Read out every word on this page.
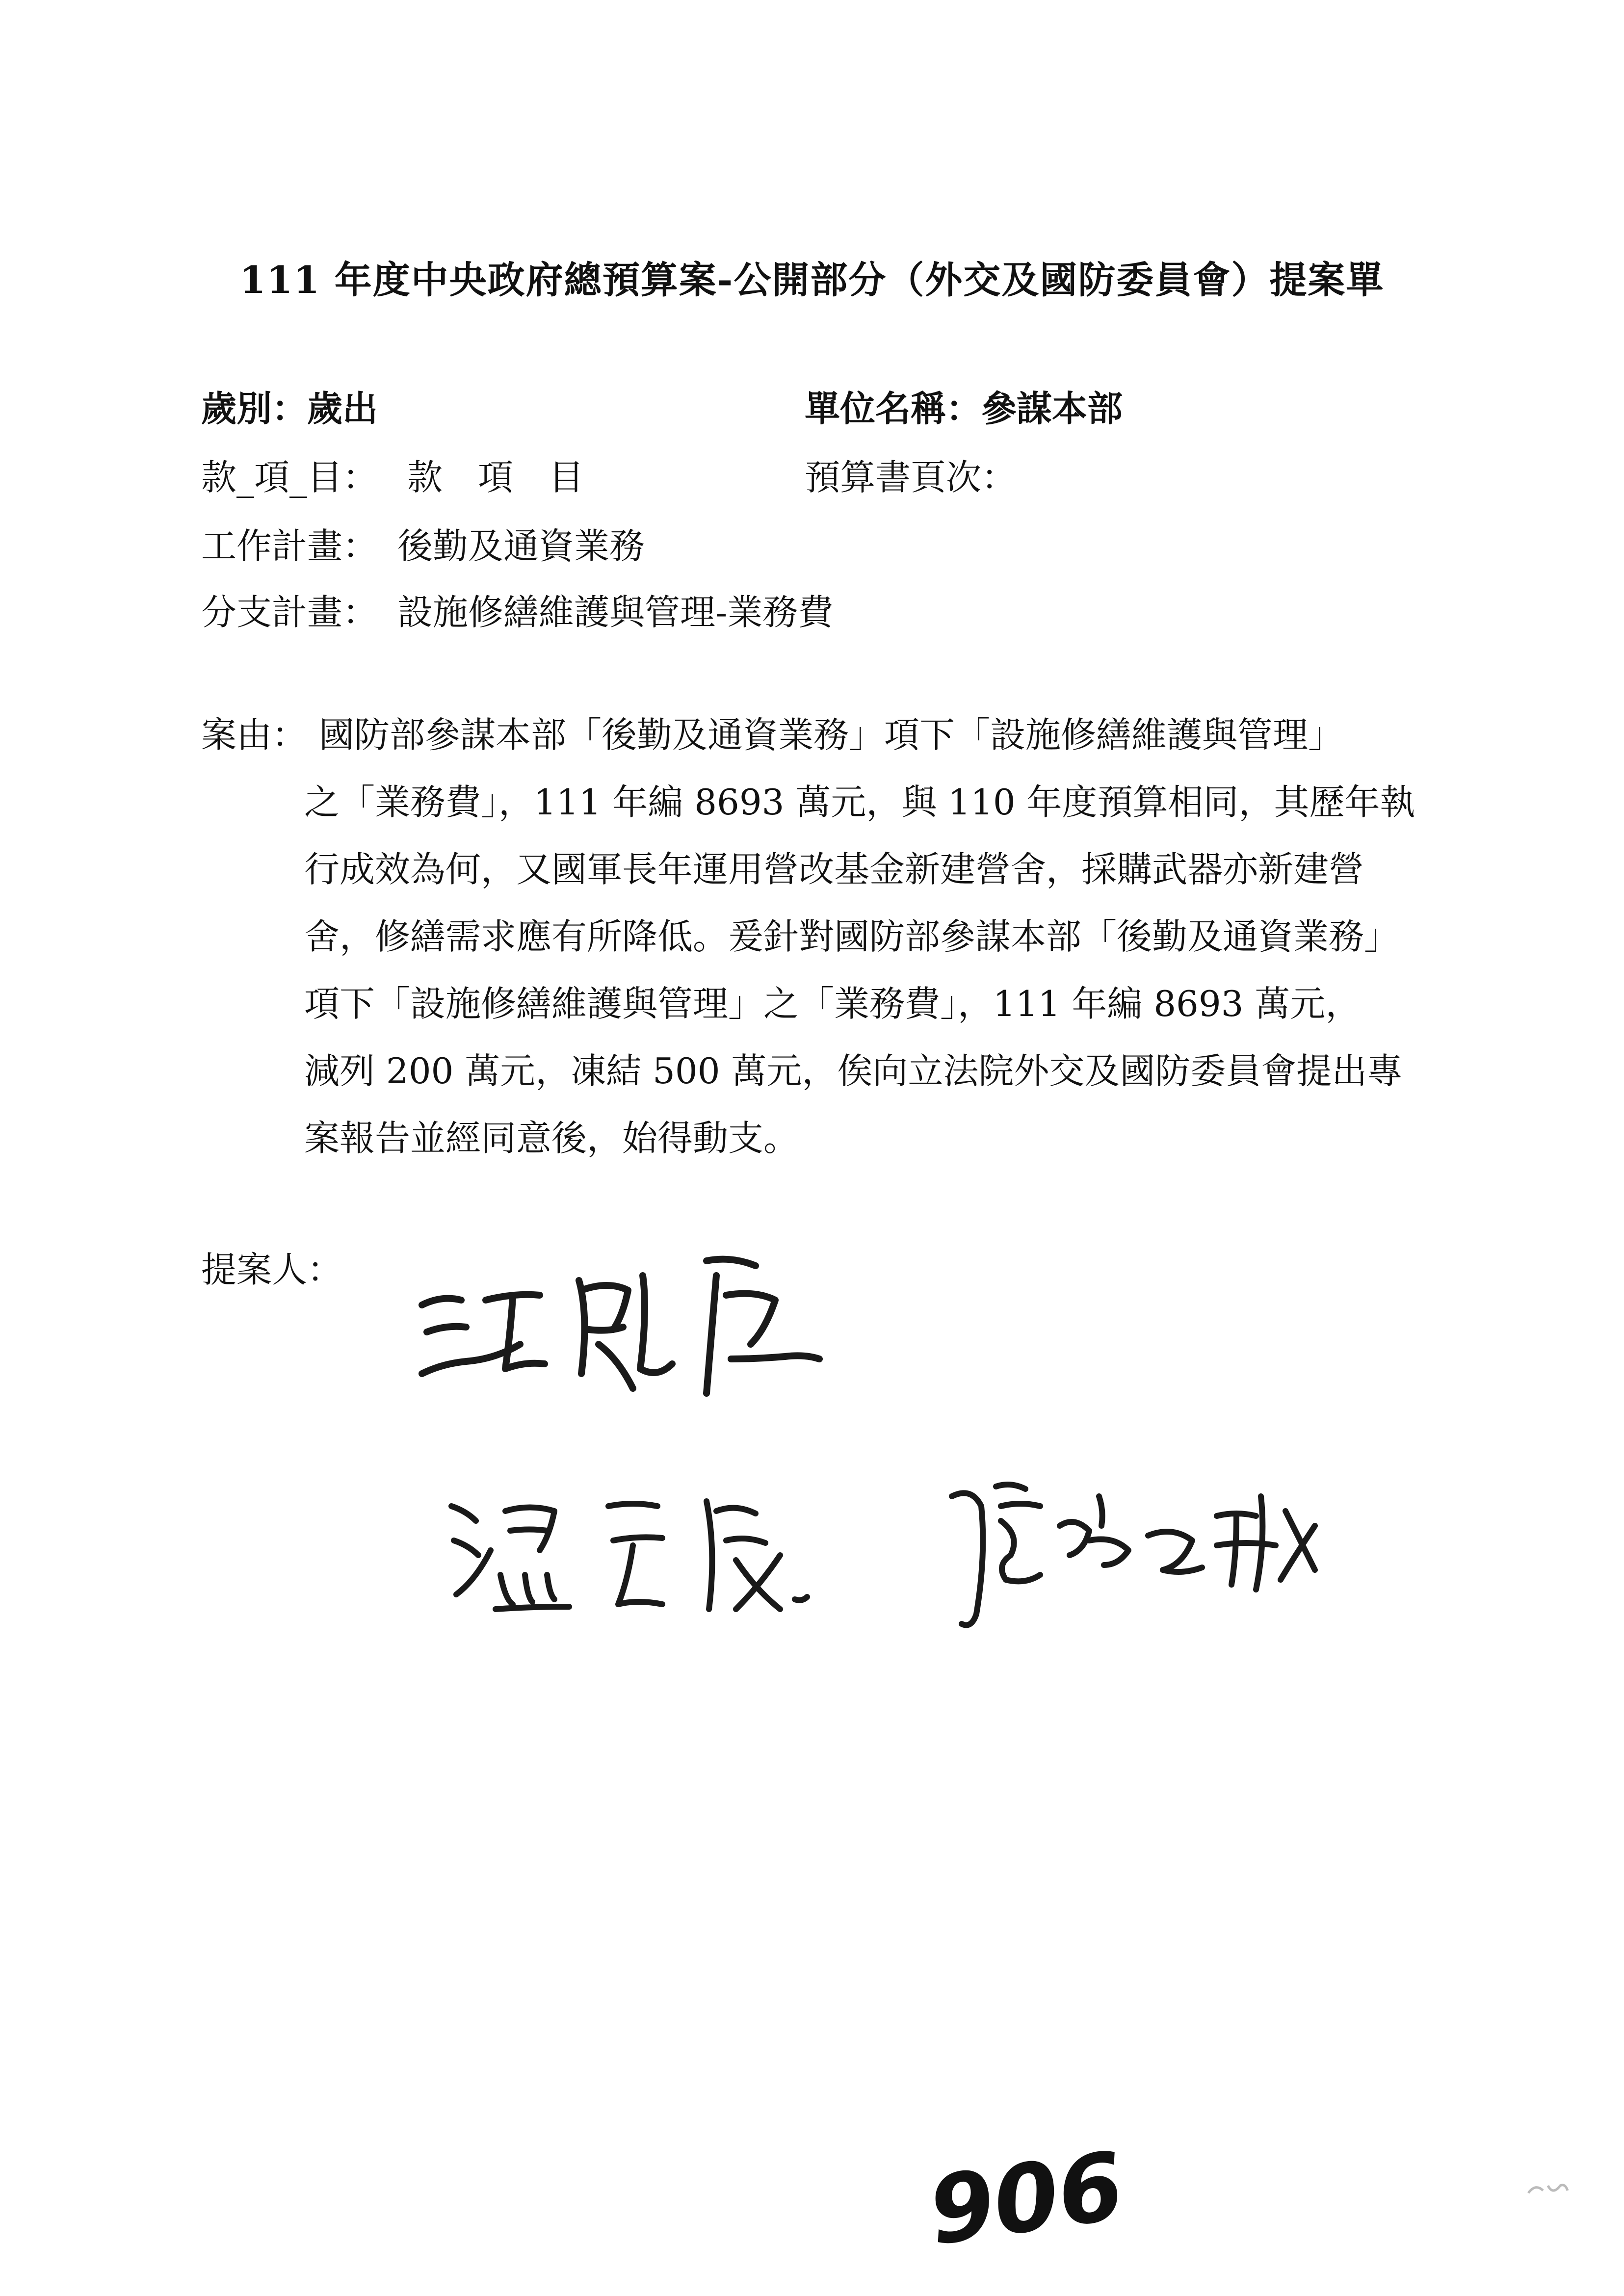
111 年度中央政府總預算案-公開部分（外交及國防委員會）提案單
歲別：歲出	單位名稱：參謀本部
款_項_目： 款　項　目	預算書頁次：
工作計畫： 後勤及通資業務
分支計畫： 設施修繕維護與管理-業務費
案由： 國防部參謀本部「後勤及通資業務」項下「設施修繕維護與管理」
之「業務費」，111 年編 8693 萬元，與 110 年度預算相同，其歷年執
行成效為何，又國軍長年運用營改基金新建營舍，採購武器亦新建營
舍，修繕需求應有所降低。爰針對國防部參謀本部「後勤及通資業務」
項下「設施修繕維護與管理」之「業務費」，111 年編 8693 萬元，
減列 200 萬元，凍結 500 萬元，俟向立法院外交及國防委員會提出專
案報告並經同意後，始得動支。
提案人：
906
